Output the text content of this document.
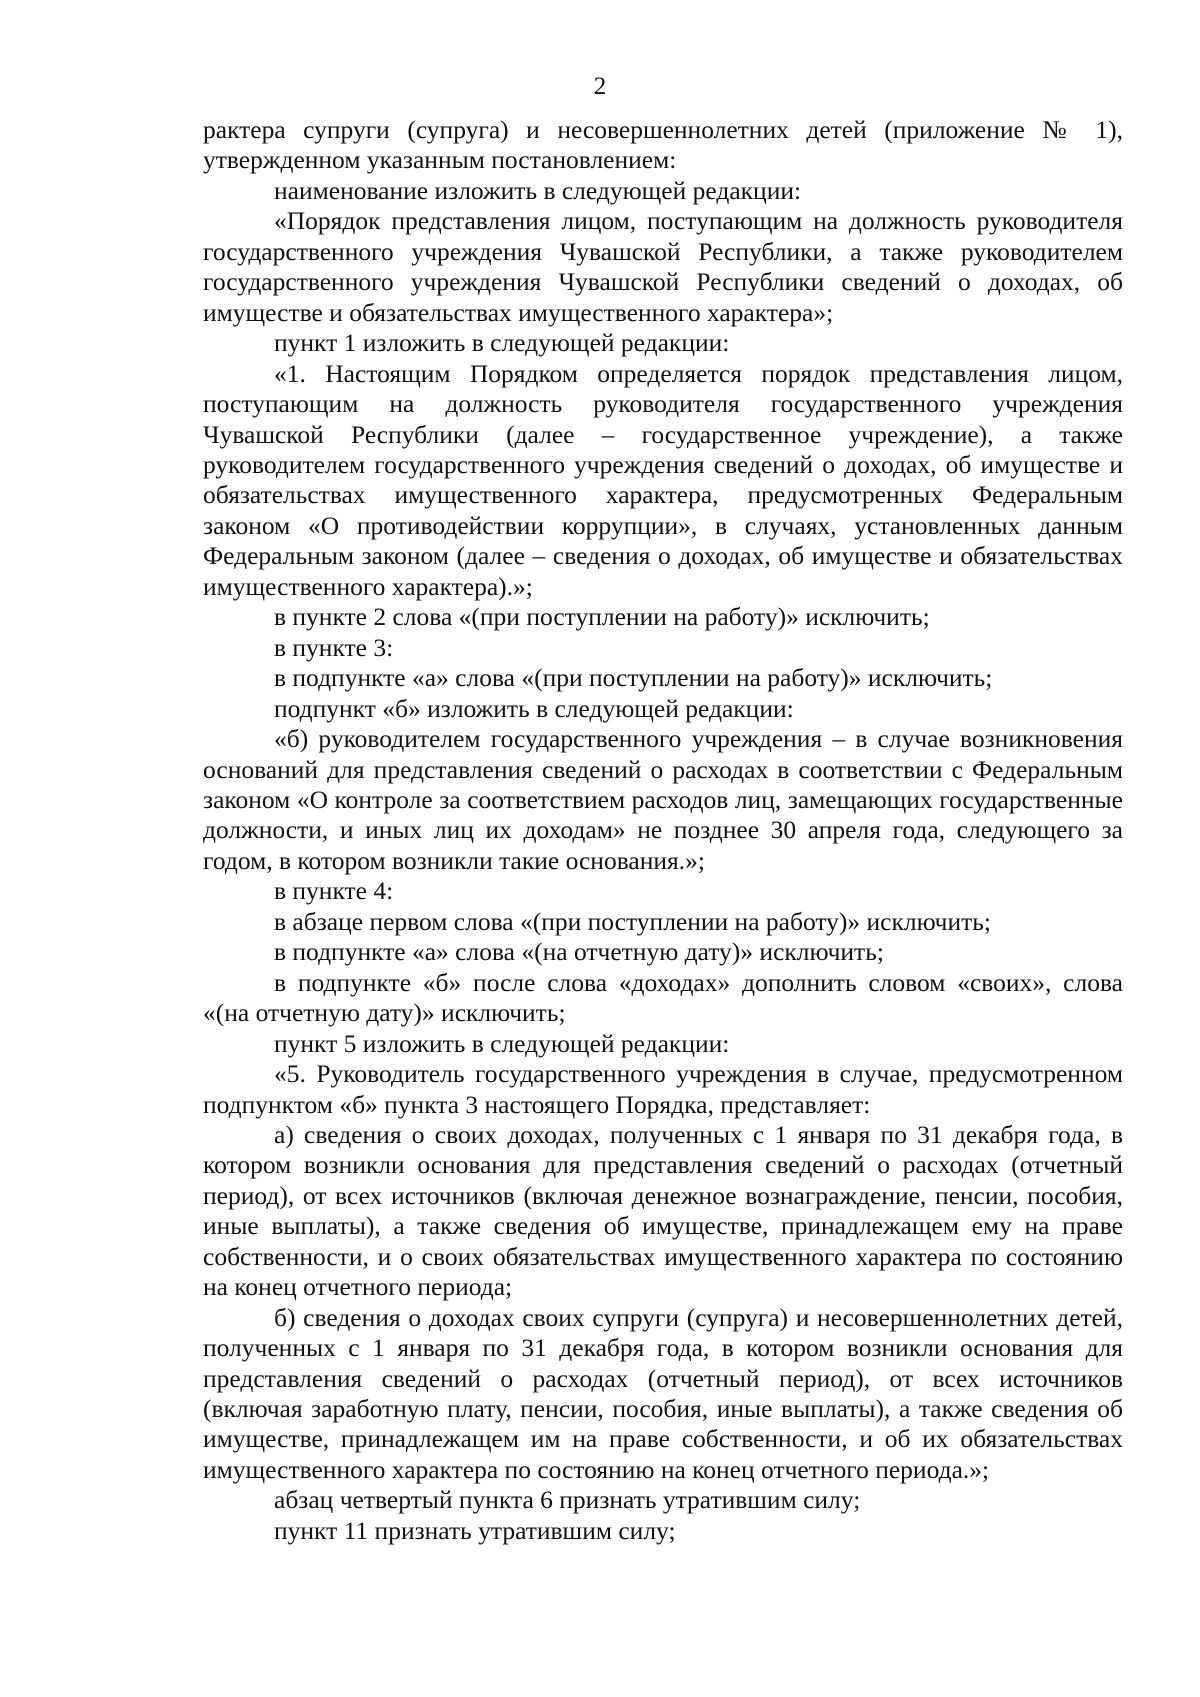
2

рактера супруги (супруга) и несовершеннолетних детей (приложение № 1), утвержденном указанным постановлением:

наименование изложить в следующей редакции:

«Порядок представления лицом, поступающим на должность руководителя государственного учреждения Чувашской Республики, а также руководителем государственного учреждения Чувашской Республики сведений о доходах, об имуществе и обязательствах имущественного характера»;

пункт 1 изложить в следующей редакции:

«1. Настоящим Порядком определяется порядок представления лицом, поступающим на должность руководителя государственного учреждения Чувашской Республики (далее – государственное учреждение), а также руководителем государственного учреждения сведений о доходах, об имуществе и обязательствах имущественного характера, предусмотренных Федеральным законом «О противодействии коррупции», в случаях, установленных данным Федеральным законом (далее – сведения о доходах, об имуществе и обязательствах имущественного характера).»;

в пункте 2 слова «(при поступлении на работу)» исключить;

в пункте 3:

в подпункте «а» слова «(при поступлении на работу)» исключить;

подпункт «б» изложить в следующей редакции:

«б) руководителем государственного учреждения – в случае возникновения оснований для представления сведений о расходах в соответствии с Федеральным законом «О контроле за соответствием расходов лиц, замещающих государственные должности, и иных лиц их доходам» не позднее 30 апреля года, следующего за годом, в котором возникли такие основания.»;

в пункте 4:

в абзаце первом слова «(при поступлении на работу)» исключить;

в подпункте «а» слова «(на отчетную дату)» исключить;

в подпункте «б» после слова «доходах» дополнить словом «своих», слова «(на отчетную дату)» исключить;

пункт 5 изложить в следующей редакции:

«5. Руководитель государственного учреждения в случае, предусмотренном подпунктом «б» пункта 3 настоящего Порядка, представляет:

а) сведения о своих доходах, полученных с 1 января по 31 декабря года, в котором возникли основания для представления сведений о расходах (отчетный период), от всех источников (включая денежное вознаграждение, пенсии, пособия, иные выплаты), а также сведения об имуществе, принадлежащем ему на праве собственности, и о своих обязательствах имущественного характера по состоянию на конец отчетного периода;

б) сведения о доходах своих супруги (супруга) и несовершеннолетних детей, полученных с 1 января по 31 декабря года, в котором возникли основания для представления сведений о расходах (отчетный период), от всех источников (включая заработную плату, пенсии, пособия, иные выплаты), а также сведения об имуществе, принадлежащем им на праве собственности, и об их обязательствах имущественного характера по состоянию на конец отчетного периода.»;

абзац четвертый пункта 6 признать утратившим силу;

пункт 11 признать утратившим силу;
